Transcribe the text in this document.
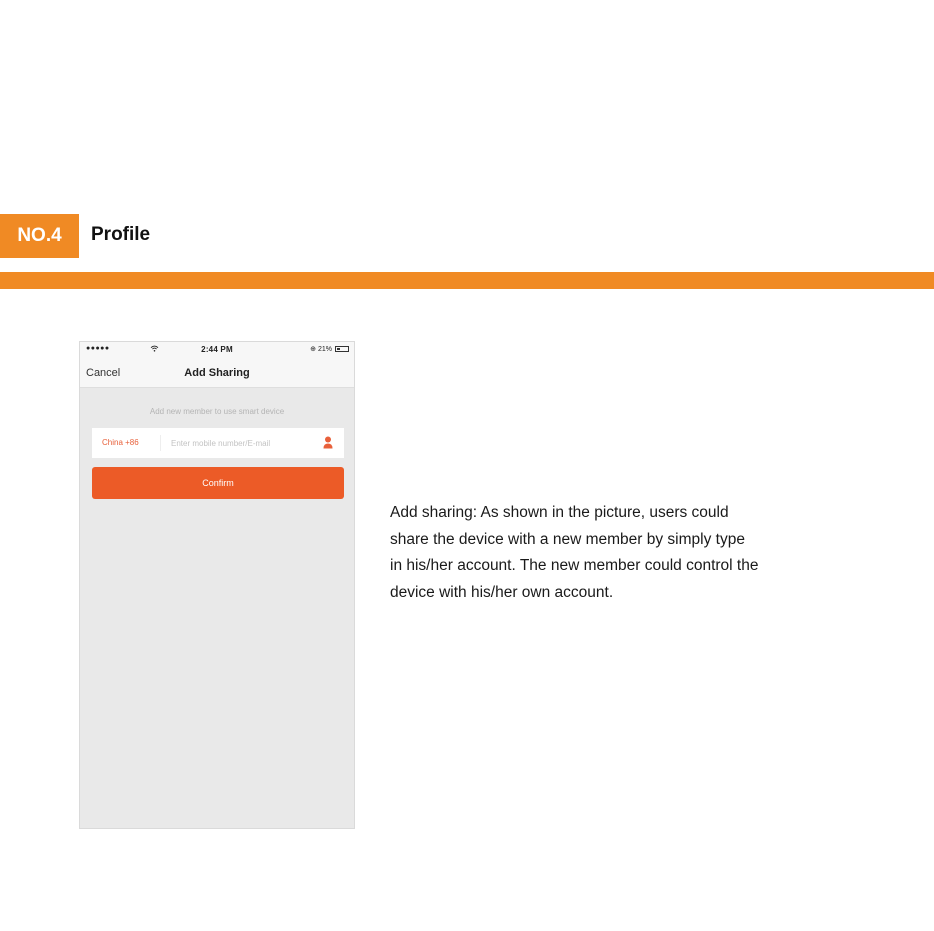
NO.4	Profile
●●●●●	2:44 PM	⊕ 21%
Cancel	Add Sharing
Add new member to use smart device
China +86
Enter mobile number/E-mail
Confirm
Add sharing: As shown in the picture, users could
share the device with a new member by simply type
in his/her account. The new member could control the
device with his/her own account.
